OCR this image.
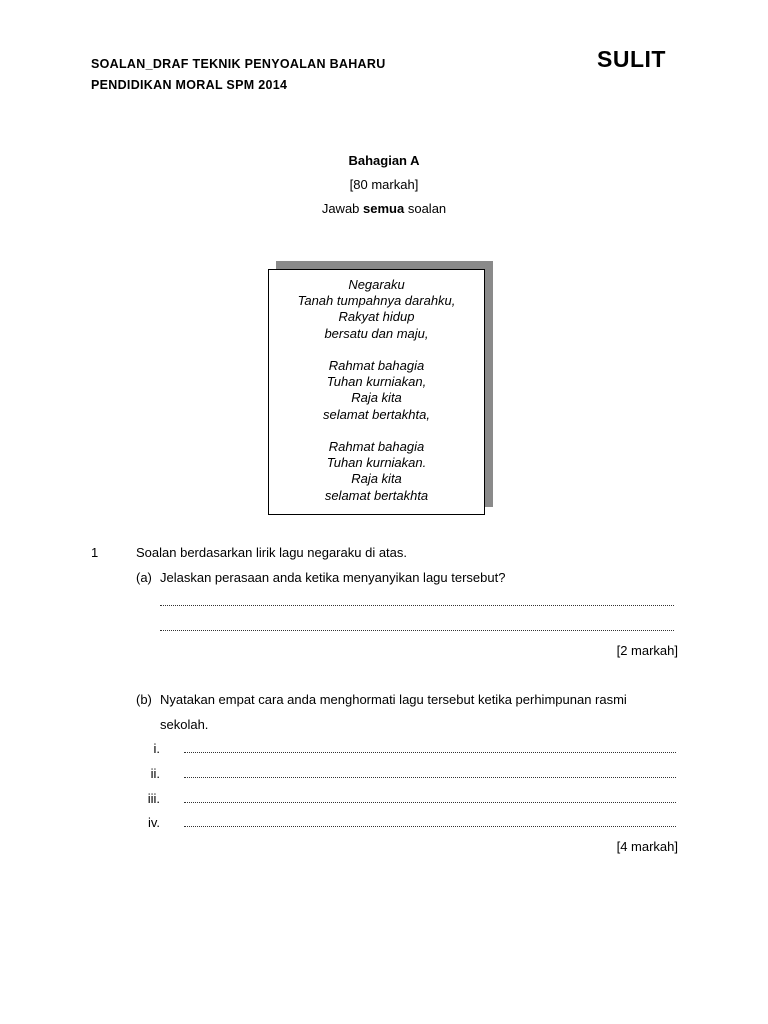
SOALAN_DRAF TEKNIK PENYOALAN BAHARU
PENDIDIKAN MORAL SPM 2014
SULIT
Bahagian A
[80 markah]
Jawab semua soalan
Negaraku
Tanah tumpahnya darahku,
Rakyat hidup
bersatu dan maju,
Rahmat bahagia
Tuhan kurniakan,
Raja kita
selamat bertakhta,
Rahmat bahagia
Tuhan kurniakan.
Raja kita
selamat bertakhta
1	Soalan berdasarkan lirik lagu negaraku di atas.
(a) Jelaskan perasaan anda ketika menyanyikan lagu tersebut?
[2 markah]
(b) Nyatakan empat cara anda menghormati lagu tersebut ketika perhimpunan rasmi
sekolah.
i.
ii.
iii.
iv.
[4 markah]
